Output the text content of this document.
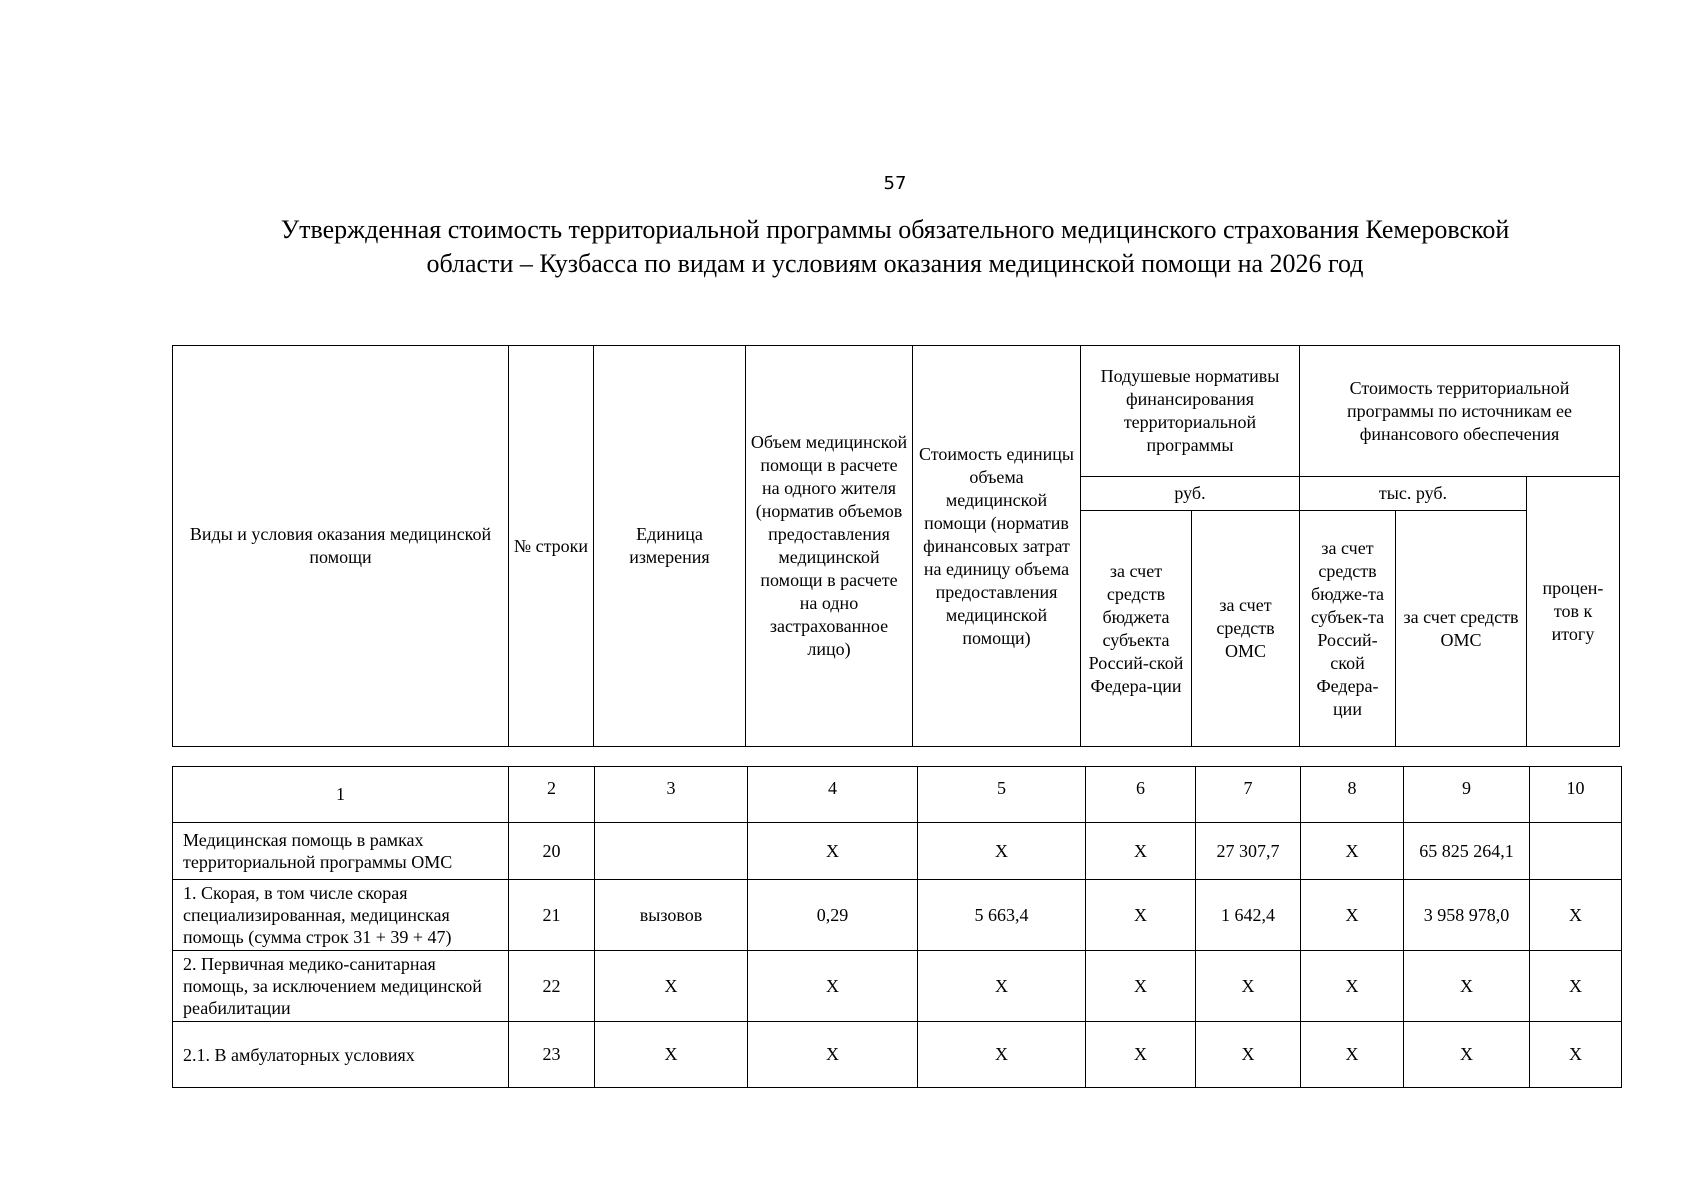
57
Утвержденная стоимость территориальной программы обязательного медицинского страхования Кемеровской
области – Кузбасса по видам и условиям оказания медицинской помощи на 2026 год
Виды и условия оказания медицинской помощи	№ строки	Единица измерения	Объем медицинской помощи в расчете на одного жителя (норматив объемов предоставления медицинской помощи в расчете на одно застрахованное лицо)	Стоимость единицы объема медицинской помощи (норматив финансовых затрат на единицу объема предоставления медицинской помощи)	Подушевые нормативы финансирования территориальной программы		Стоимость территориальной программы по источникам ее финансового обеспечения		
					руб.		тыс. руб.		процен-тов к итогу
					за счет средств бюджета субъекта Россий-ской Федера-ции	за счет средств ОМС	за счет средств бюдже-та субъек-та Россий-ской Федера-ции	за счет средств ОМС	
1	2	3	4	5	6	7	8	9	10
Медицинская помощь в рамках территориальной программы ОМС	20		Х	Х	Х	27 307,7	Х	65 825 264,1	
1. Скорая, в том числе скорая специализированная, медицинская помощь (сумма строк 31 + 39 + 47)	21	вызовов	0,29	5 663,4	Х	1 642,4	Х	3 958 978,0	Х
2. Первичная медико-санитарная помощь, за исключением медицинской реабилитации	22	Х	Х	Х	Х	Х	Х	Х	Х
2.1. В амбулаторных условиях	23	Х	Х	Х	Х	Х	Х	Х	Х
